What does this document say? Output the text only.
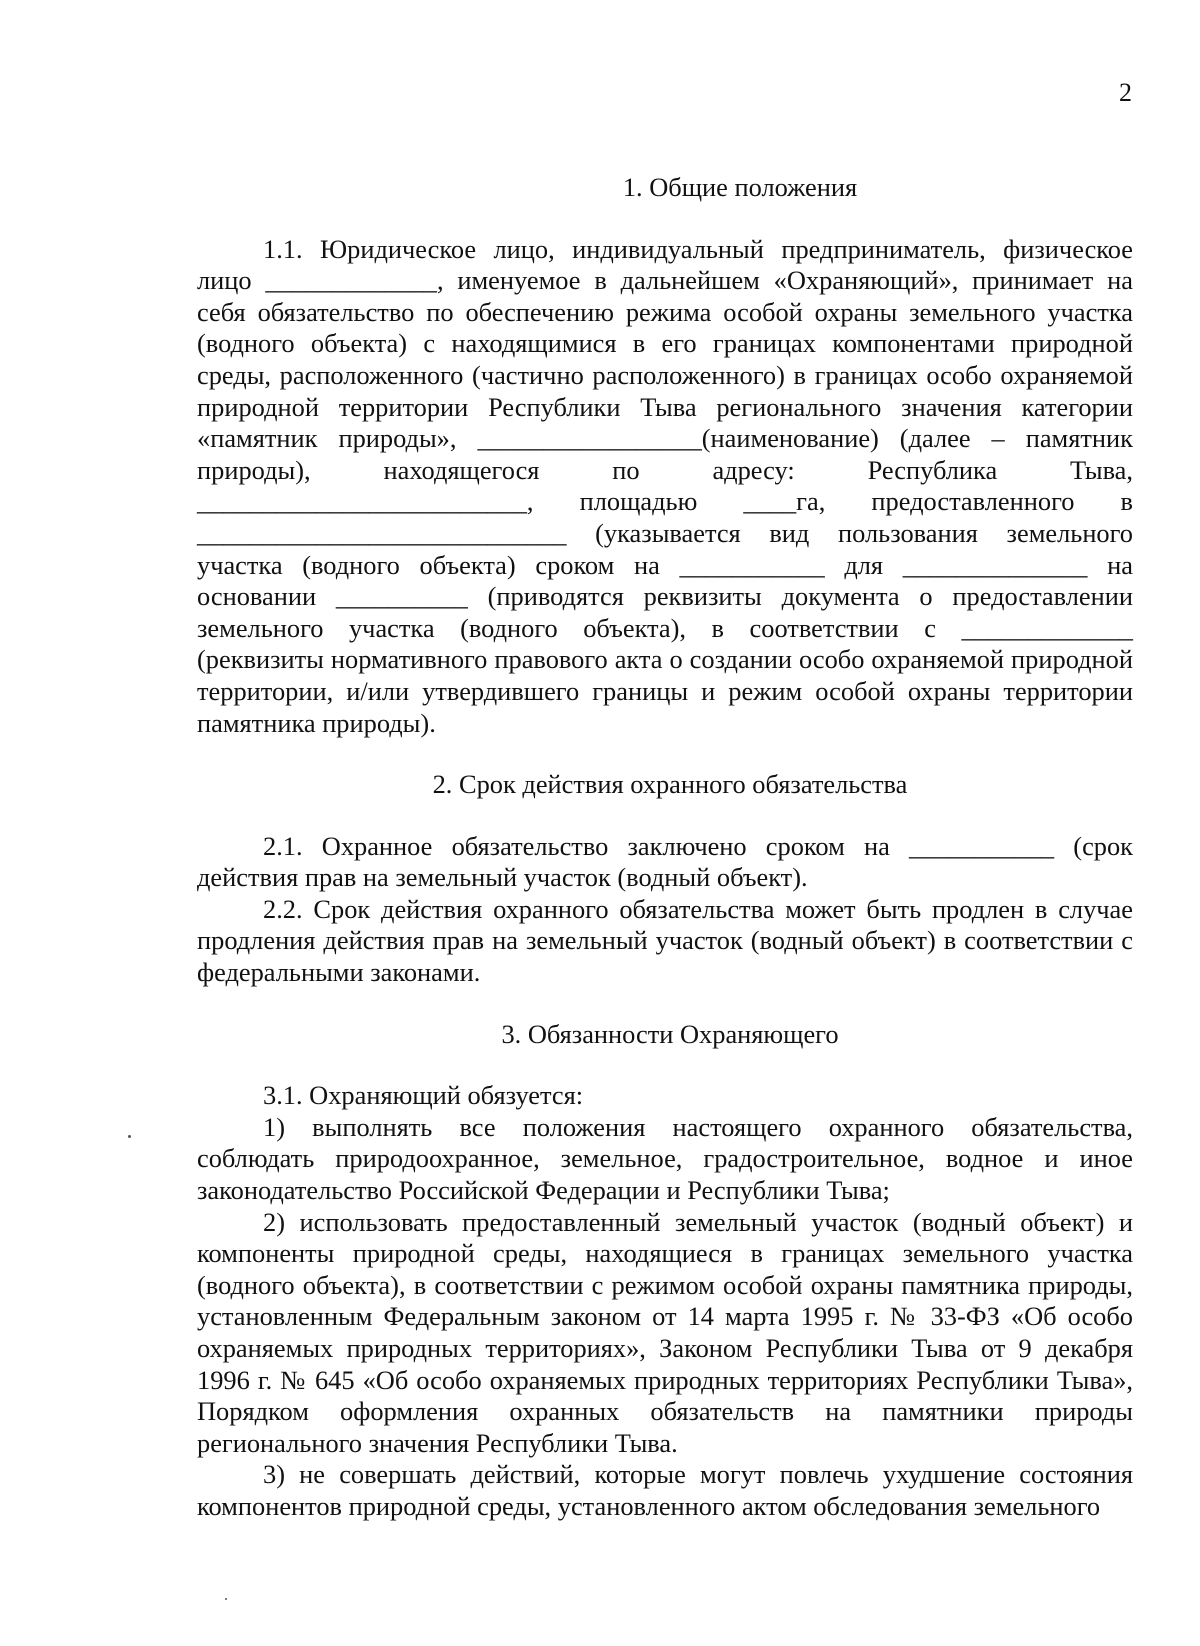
2
1. Общие положения

1.1. Юридическое лицо, индивидуальный предприниматель, физическое лицо _____________, именуемое в дальнейшем «Охраняющий», принимает на себя обязательство по обеспечению режима особой охраны земельного участка (водного объекта) с находящимися в его границах компонентами природной среды, расположенного (частично расположенного) в границах особо охраняемой природной территории Республики Тыва регионального значения категории «памятник природы», _________________(наименование) (далее – памятник природы), находящегося по адресу: Республика Тыва, _________________________, площадью ____га, предоставленного в ____________________________ (указывается вид пользования земельного участка (водного объекта) сроком на ___________ для ______________ на основании __________ (приводятся реквизиты документа о предоставлении земельного участка (водного объекта), в соответствии с _____________ (реквизиты нормативного правового акта о создании особо охраняемой природной территории, и/или утвердившего границы и режим особой охраны территории памятника природы).

2. Срок действия охранного обязательства

2.1. Охранное обязательство заключено сроком на ___________ (срок действия прав на земельный участок (водный объект).

2.2. Срок действия охранного обязательства может быть продлен в случае продления действия прав на земельный участок (водный объект) в соответствии с федеральными законами.

3. Обязанности Охраняющего

3.1. Охраняющий обязуется:

1) выполнять все положения настоящего охранного обязательства, соблюдать природоохранное, земельное, градостроительное, водное и иное законодательство Российской Федерации и Республики Тыва;

2) использовать предоставленный земельный участок (водный объект) и компоненты природной среды, находящиеся в границах земельного участка (водного объекта), в соответствии с режимом особой охраны памятника природы, установленным Федеральным законом от 14 марта 1995 г. № 33-ФЗ «Об особо охраняемых природных территориях», Законом Республики Тыва от 9 декабря 1996 г. № 645 «Об особо охраняемых природных территориях Республики Тыва», Порядком оформления охранных обязательств на памятники природы регионального значения Республики Тыва.

3) не совершать действий, которые могут повлечь ухудшение состояния компонентов природной среды, установленного актом обследования земельного
